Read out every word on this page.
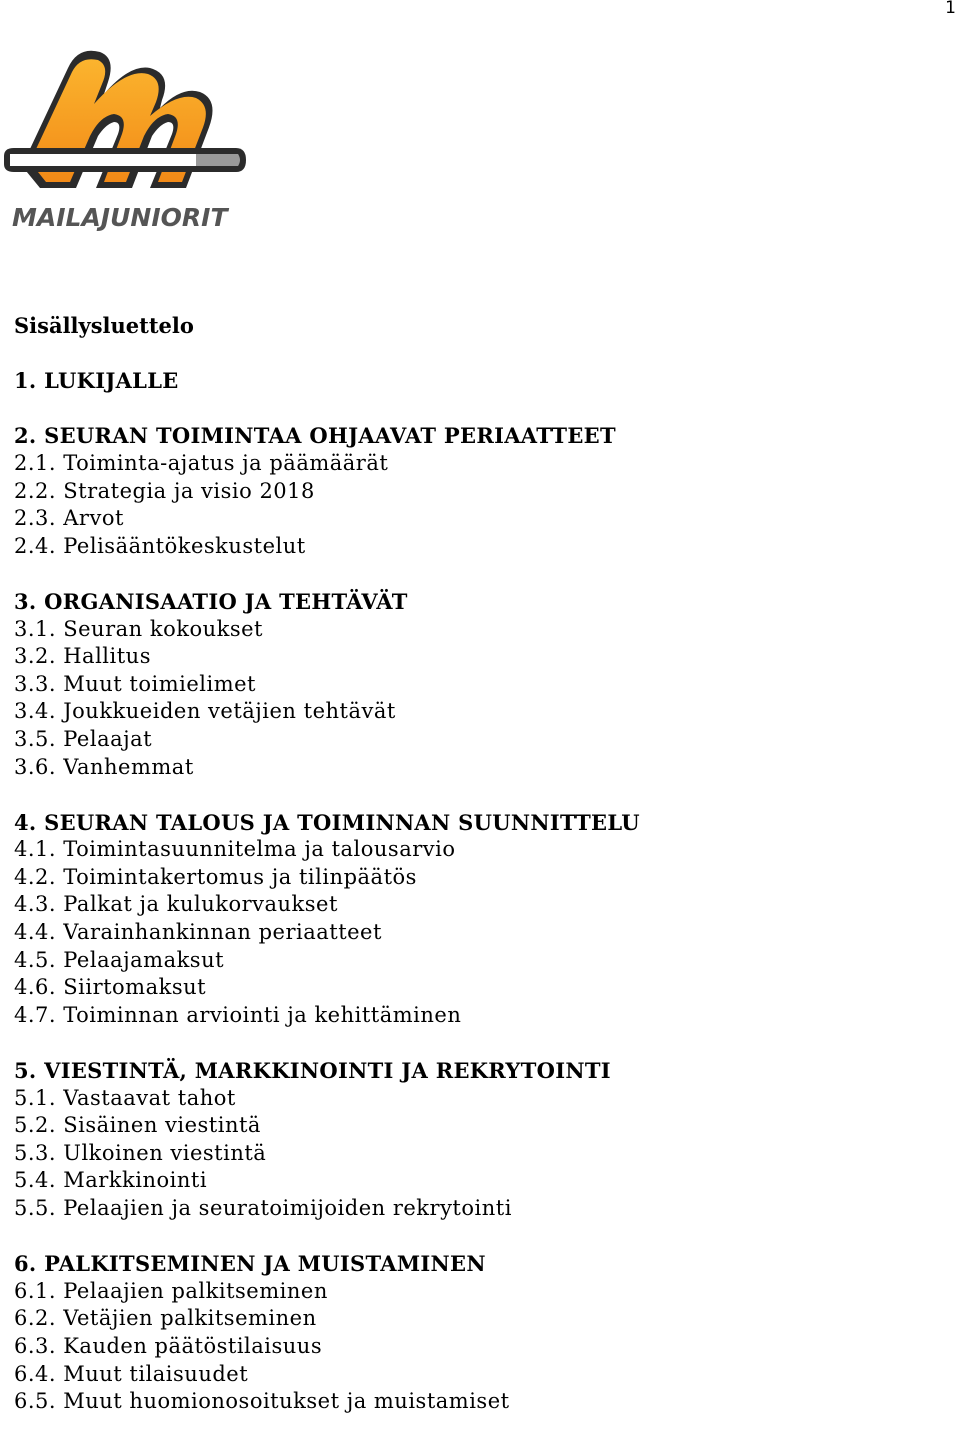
1
MAILAJUNIORIT
Sisällysluettelo
1. LUKIJALLE
2. SEURAN TOIMINTAA OHJAAVAT PERIAATTEET
2.1. Toiminta-ajatus ja päämäärät
2.2. Strategia ja visio 2018
2.3. Arvot
2.4. Pelisääntökeskustelut
3. ORGANISAATIO JA TEHTÄVÄT
3.1. Seuran kokoukset
3.2. Hallitus
3.3. Muut toimielimet
3.4. Joukkueiden vetäjien tehtävät
3.5. Pelaajat
3.6. Vanhemmat
4. SEURAN TALOUS JA TOIMINNAN SUUNNITTELU
4.1. Toimintasuunnitelma ja talousarvio
4.2. Toimintakertomus ja tilinpäätös
4.3. Palkat ja kulukorvaukset
4.4. Varainhankinnan periaatteet
4.5. Pelaajamaksut
4.6. Siirtomaksut
4.7. Toiminnan arviointi ja kehittäminen
5. VIESTINTÄ, MARKKINOINTI JA REKRYTOINTI
5.1. Vastaavat tahot
5.2. Sisäinen viestintä
5.3. Ulkoinen viestintä
5.4. Markkinointi
5.5. Pelaajien ja seuratoimijoiden rekrytointi
6. PALKITSEMINEN JA MUISTAMINEN
6.1. Pelaajien palkitseminen
6.2. Vetäjien palkitseminen
6.3. Kauden päätöstilaisuus
6.4. Muut tilaisuudet
6.5. Muut huomionosoitukset ja muistamiset
